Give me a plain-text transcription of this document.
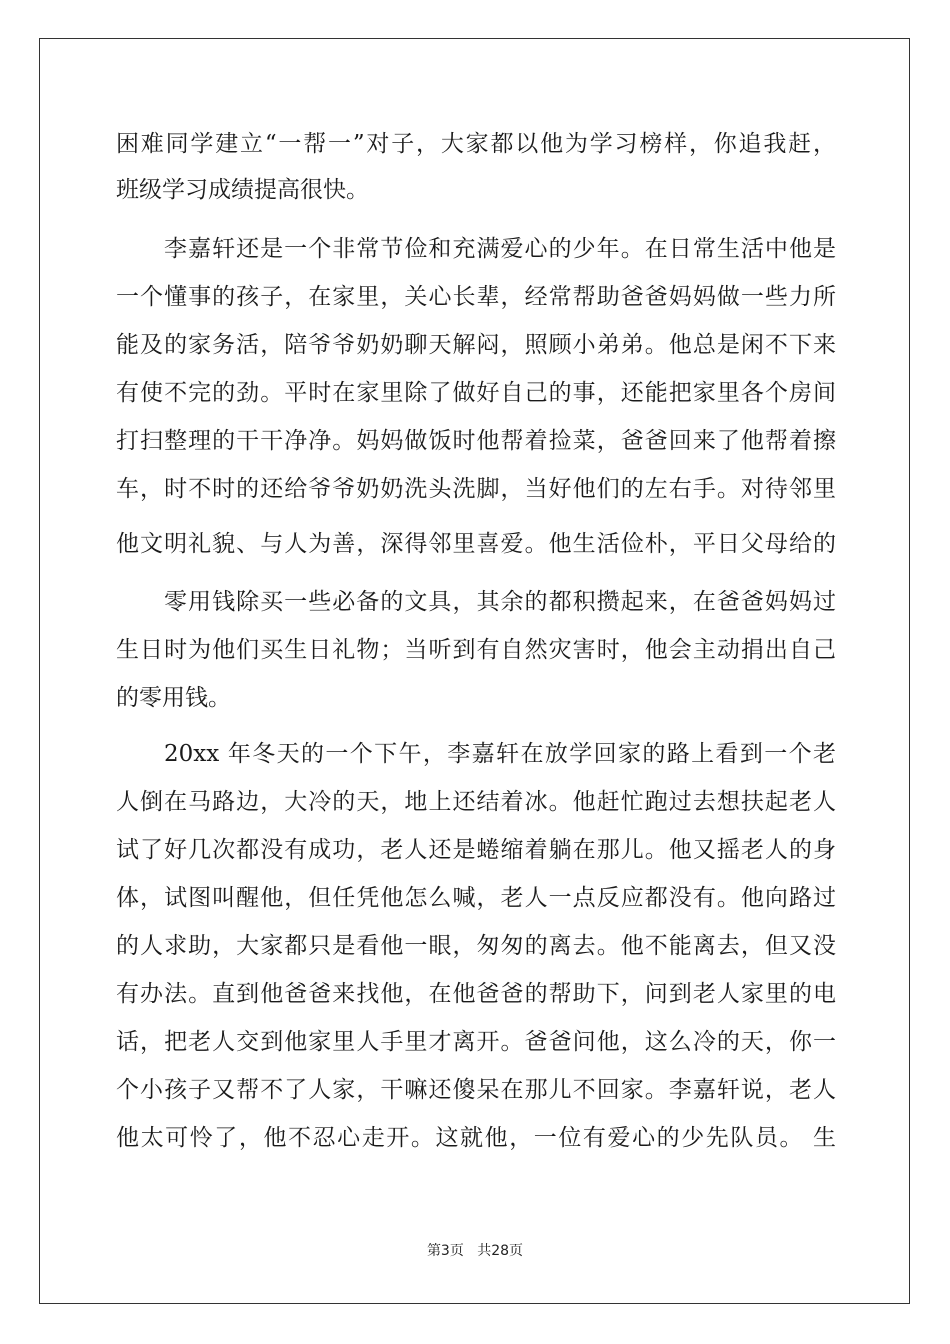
困难同学建立“一帮一”对子，大家都以他为学习榜样，你追我赶，
班级学习成绩提高很快。
李嘉轩还是一个非常节俭和充满爱心的少年。在日常生活中他是
一个懂事的孩子，在家里，关心长辈，经常帮助爸爸妈妈做一些力所
能及的家务活，陪爷爷奶奶聊天解闷，照顾小弟弟。他总是闲不下来
有使不完的劲。平时在家里除了做好自己的事，还能把家里各个房间
打扫整理的干干净净。妈妈做饭时他帮着捡菜，爸爸回来了他帮着擦
车，时不时的还给爷爷奶奶洗头洗脚，当好他们的左右手。对待邻里
他文明礼貌、与人为善，深得邻里喜爱。他生活俭朴，平日父母给的
零用钱除买一些必备的文具，其余的都积攒起来，在爸爸妈妈过
生日时为他们买生日礼物；当听到有自然灾害时，他会主动捐出自己
的零用钱。
20xx 年冬天的一个下午，李嘉轩在放学回家的路上看到一个老
人倒在马路边，大冷的天，地上还结着冰。他赶忙跑过去想扶起老人
试了好几次都没有成功，老人还是蜷缩着躺在那儿。他又摇老人的身
体，试图叫醒他，但任凭他怎么喊，老人一点反应都没有。他向路过
的人求助，大家都只是看他一眼，匆匆的离去。他不能离去，但又没
有办法。直到他爸爸来找他，在他爸爸的帮助下，问到老人家里的电
话，把老人交到他家里人手里才离开。爸爸问他，这么冷的天，你一
个小孩子又帮不了人家，干嘛还傻呆在那儿不回家。李嘉轩说，老人
他太可怜了，他不忍心走开。这就他，一位有爱心的少先队员。 生
第3页 共28页
